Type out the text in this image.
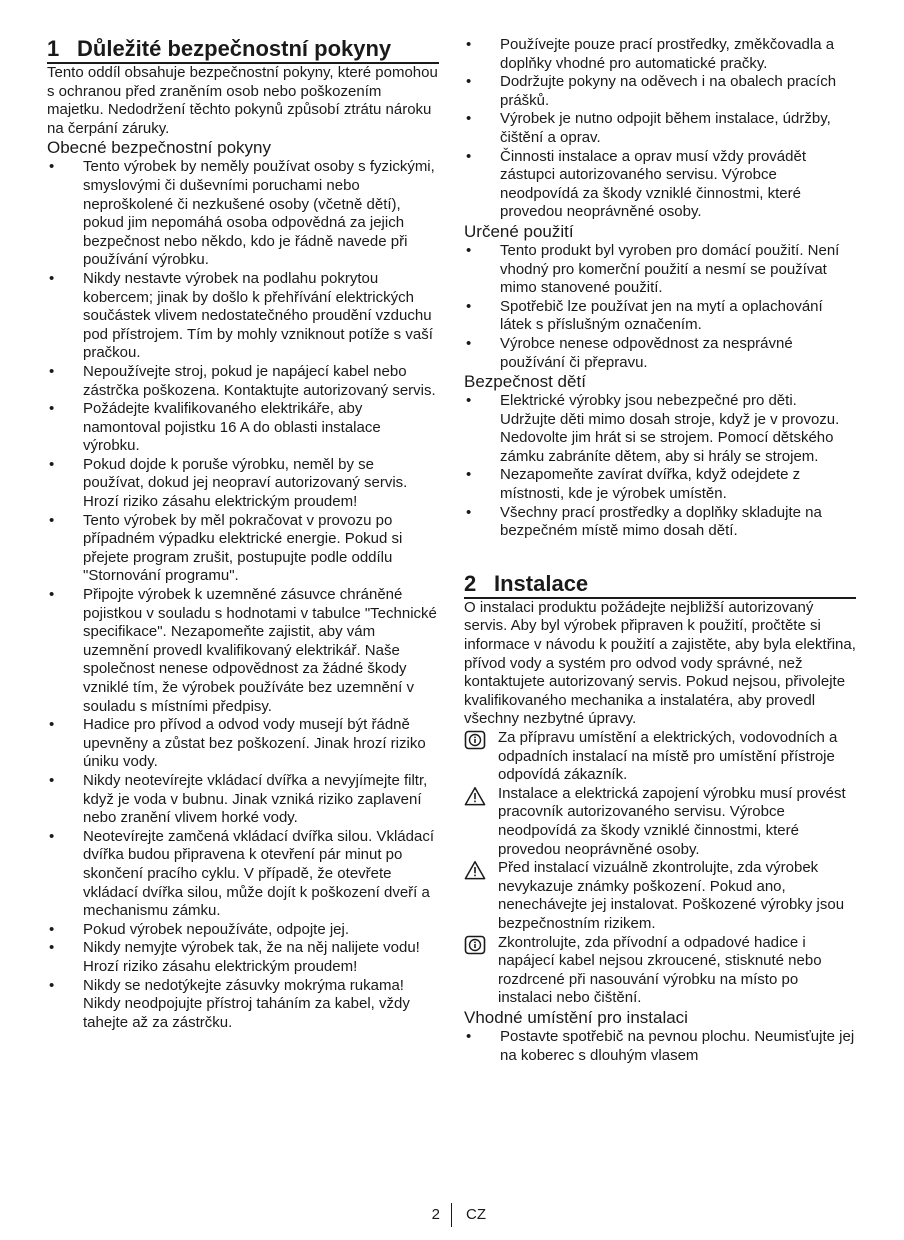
1 Důležité bezpečnostní pokyny

Tento oddíl obsahuje bezpečnostní pokyny, které pomohou s ochranou před zraněním osob nebo poškozením majetku. Nedodržení těchto pokynů způsobí ztrátu nároku na čerpání záruky.

Obecné bezpečnostní pokyny
• Tento výrobek by neměly používat osoby s fyzickými, smyslovými či duševními poruchami nebo neproškolené či nezkušené osoby (včetně dětí), pokud jim nepomáhá osoba odpovědná za jejich bezpečnost nebo někdo, kdo je řádně navede při používání výrobku.
• Nikdy nestavte výrobek na podlahu pokrytou kobercem; jinak by došlo k přehřívání elektrických součástek vlivem nedostatečného proudění vzduchu pod přístrojem. Tím by mohly vzniknout potíže s vaší pračkou.
• Nepoužívejte stroj, pokud je napájecí kabel nebo zástrčka poškozena. Kontaktujte autorizovaný servis.
• Požádejte kvalifikovaného elektrikáře, aby namontoval pojistku 16 A do oblasti instalace výrobku.
• Pokud dojde k poruše výrobku, neměl by se používat, dokud jej neopraví autorizovaný servis. Hrozí riziko zásahu elektrickým proudem!
• Tento výrobek by měl pokračovat v provozu po případném výpadku elektrické energie. Pokud si přejete program zrušit, postupujte podle oddílu "Stornování programu".
• Připojte výrobek k uzemněné zásuvce chráněné pojistkou v souladu s hodnotami v tabulce "Technické specifikace". Nezapomeňte zajistit, aby vám uzemnění provedl kvalifikovaný elektrikář. Naše společnost nenese odpovědnost za žádné škody vzniklé tím, že výrobek používáte bez uzemnění v souladu s místními předpisy.
• Hadice pro přívod a odvod vody musejí být řádně upevněny a zůstat bez poškození. Jinak hrozí riziko úniku vody.
• Nikdy neotevírejte vkládací dvířka a nevyjímejte filtr, když je voda v bubnu. Jinak vzniká riziko zaplavení nebo zranění vlivem horké vody.
• Neotevírejte zamčená vkládací dvířka silou. Vkládací dvířka budou připravena k otevření pár minut po skončení pracího cyklu. V případě, že otevřete vkládací dvířka silou, může dojít k poškození dveří a mechanismu zámku.
• Pokud výrobek nepoužíváte, odpojte jej.
• Nikdy nemyjte výrobek tak, že na něj nalijete vodu! Hrozí riziko zásahu elektrickým proudem!
• Nikdy se nedotýkejte zásuvky mokrýma rukama! Nikdy neodpojujte přístroj taháním za kabel, vždy tahejte až za zástrčku.
• Používejte pouze prací prostředky, změkčovadla a doplňky vhodné pro automatické pračky.
• Dodržujte pokyny na oděvech i na obalech pracích prášků.
• Výrobek je nutno odpojit během instalace, údržby, čištění a oprav.
• Činnosti instalace a oprav musí vždy provádět zástupci autorizovaného servisu. Výrobce neodpovídá za škody vzniklé činnostmi, které provedou neoprávněné osoby.
Určené použití
• Tento produkt byl vyroben pro domácí použití. Není vhodný pro komerční použití a nesmí se používat mimo stanovené použití.
• Spotřebič lze používat jen na mytí a oplachování látek s příslušným označením.
• Výrobce nenese odpovědnost za nesprávné používání či přepravu.
Bezpečnost dětí
• Elektrické výrobky jsou nebezpečné pro děti. Udržujte děti mimo dosah stroje, když je v provozu. Nedovolte jim hrát si se strojem. Pomocí dětského zámku zabráníte dětem, aby si hrály se strojem.
• Nezapomeňte zavírat dvířka, když odejdete z místnosti, kde je výrobek umístěn.
• Všechny prací prostředky a doplňky skladujte na bezpečném místě mimo dosah dětí.
2 Instalace

O instalaci produktu požádejte nejbližší autorizovaný servis. Aby byl výrobek připraven k použití, pročtěte si informace v návodu k použití a zajistěte, aby byla elektřina, přívod vody a systém pro odvod vody správné, než kontaktujete autorizovaný servis. Pokud nejsou, přivolejte kvalifikovaného mechanika a instalatéra, aby provedl všechny nezbytné úpravy.

Za přípravu umístění a elektrických, vodovodních a odpadních instalací na místě pro umístění přístroje odpovídá zákazník.
Instalace a elektrická zapojení výrobku musí provést pracovník autorizovaného servisu. Výrobce neodpovídá za škody vzniklé činnostmi, které provedou neoprávněné osoby.
Před instalací vizuálně zkontrolujte, zda výrobek nevykazuje známky poškození. Pokud ano, nenechávejte jej instalovat. Poškozené výrobky jsou bezpečnostním rizikem.
Zkontrolujte, zda přívodní a odpadové hadice i napájecí kabel nejsou zkroucené, stisknuté nebo rozdrcené při nasouvání výrobku na místo po instalaci nebo čištění.
Vhodné umístění pro instalaci
• Postavte spotřebič na pevnou plochu. Neumisťujte jej na koberec s dlouhým vlasem
2 CZ
